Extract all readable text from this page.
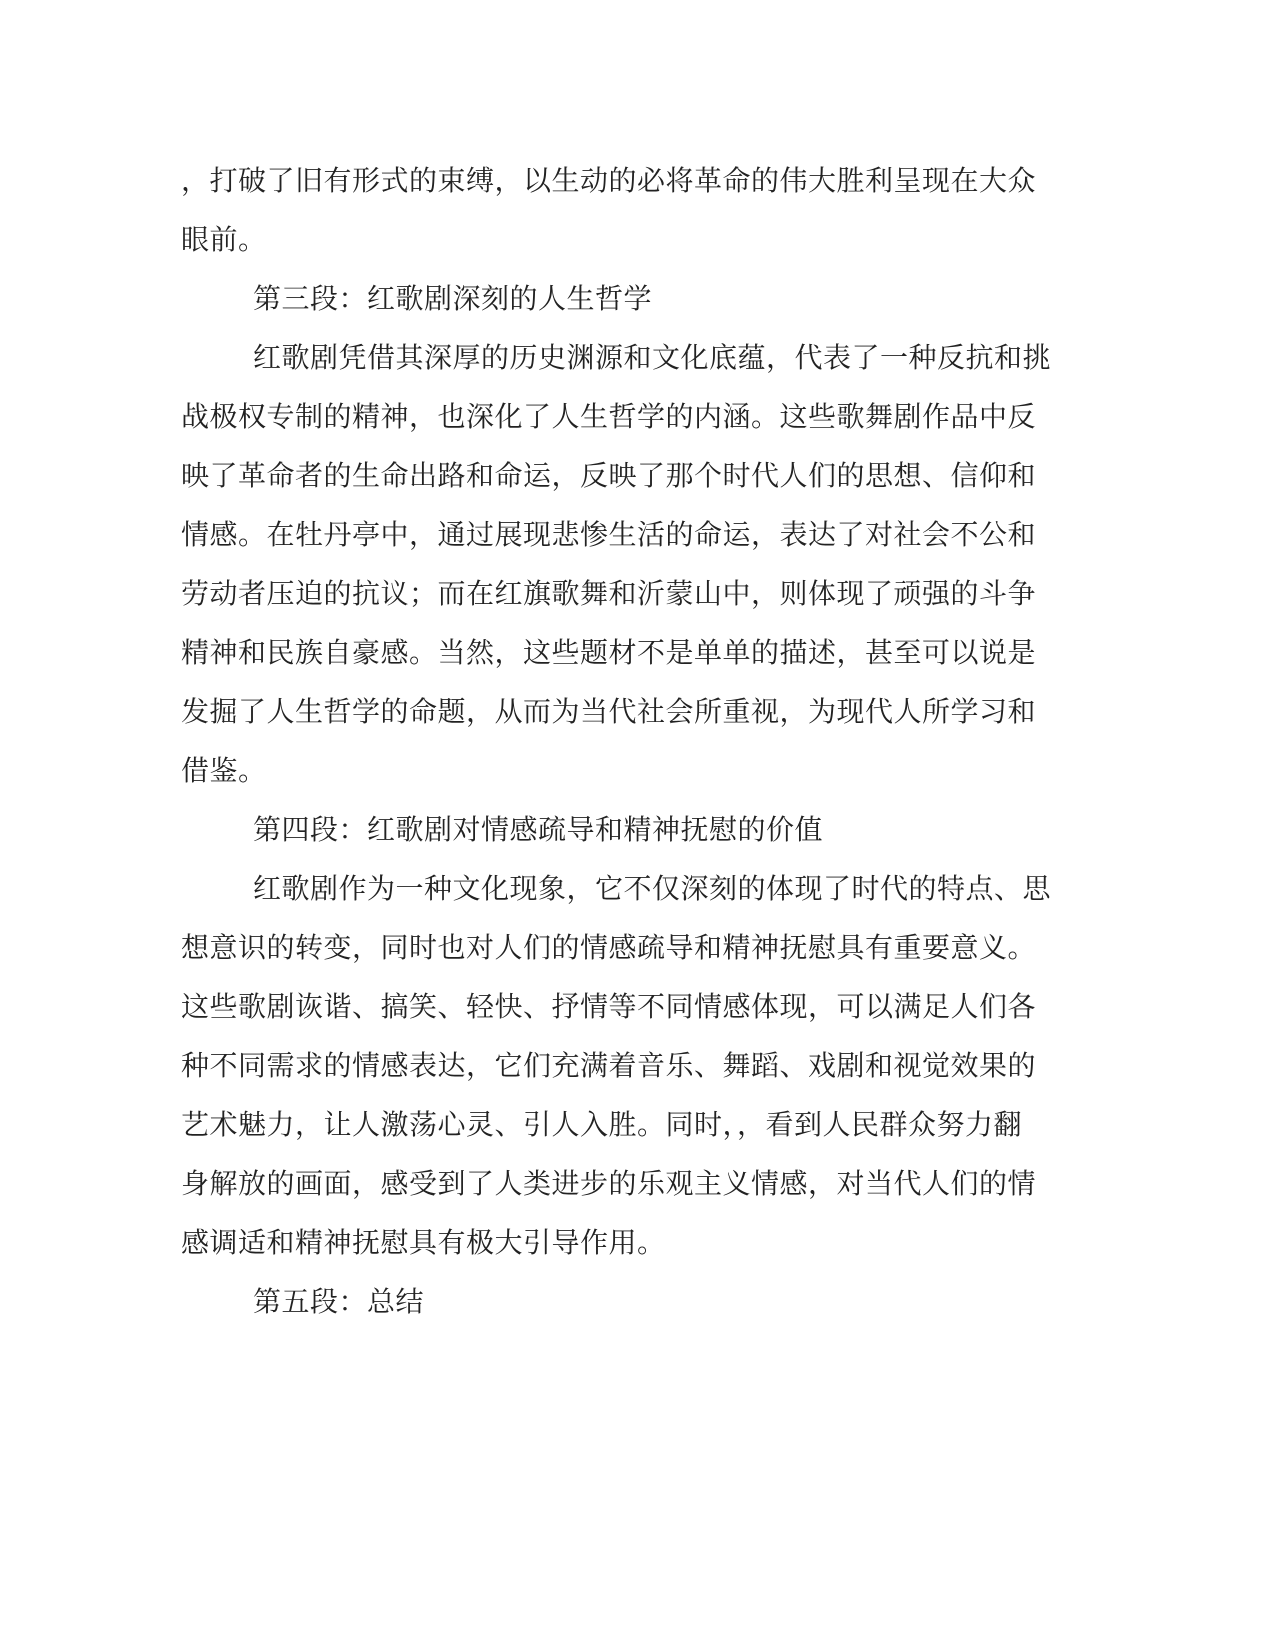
，打破了旧有形式的束缚，以生动的必将革命的伟大胜利呈现在大众
眼前。
第三段：红歌剧深刻的人生哲学
红歌剧凭借其深厚的历史渊源和文化底蕴，代表了一种反抗和挑
战极权专制的精神，也深化了人生哲学的内涵。这些歌舞剧作品中反
映了革命者的生命出路和命运，反映了那个时代人们的思想、信仰和
情感。在牡丹亭中，通过展现悲惨生活的命运，表达了对社会不公和
劳动者压迫的抗议；而在红旗歌舞和沂蒙山中，则体现了顽强的斗争
精神和民族自豪感。当然，这些题材不是单单的描述，甚至可以说是
发掘了人生哲学的命题，从而为当代社会所重视，为现代人所学习和
借鉴。
第四段：红歌剧对情感疏导和精神抚慰的价值
红歌剧作为一种文化现象，它不仅深刻的体现了时代的特点、思
想意识的转变，同时也对人们的情感疏导和精神抚慰具有重要意义。
这些歌剧诙谐、搞笑、轻快、抒情等不同情感体现，可以满足人们各
种不同需求的情感表达，它们充满着音乐、舞蹈、戏剧和视觉效果的
艺术魅力，让人激荡心灵、引人入胜。同时，，看到人民群众努力翻
身解放的画面，感受到了人类进步的乐观主义情感，对当代人们的情
感调适和精神抚慰具有极大引导作用。
第五段：总结
